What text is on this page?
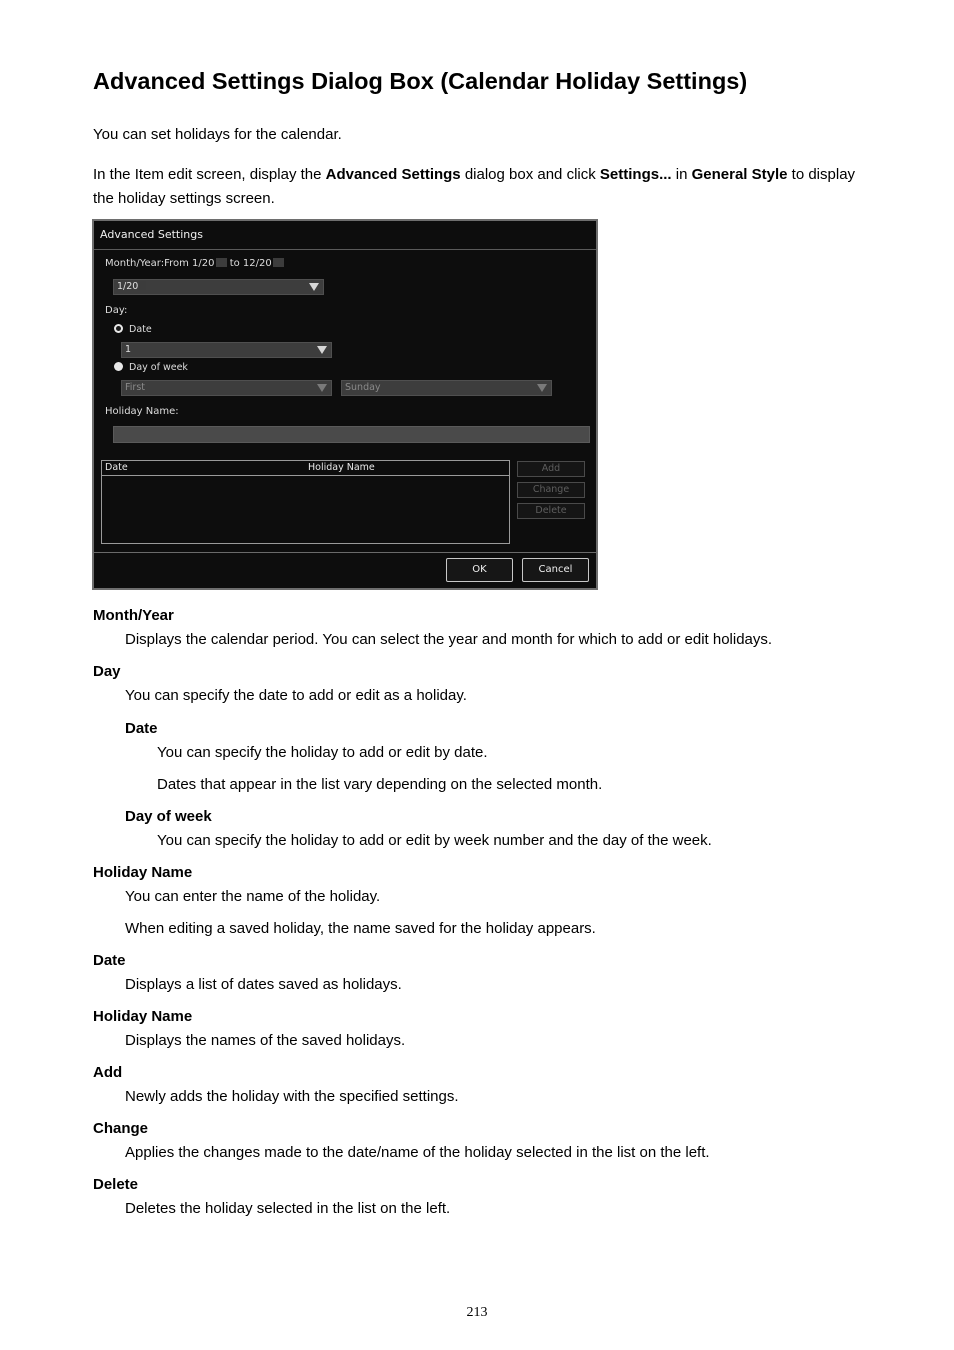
Advanced Settings Dialog Box (Calendar Holiday Settings)

You can set holidays for the calendar.

In the Item edit screen, display the Advanced Settings dialog box and click Settings... in General Style to display the holiday settings screen.

Advanced Settings
Month/Year:From 1/20 to 12/20
1/20
Day:
Date
1
Day of week
First	Sunday
Holiday Name:
Date	Holiday Name	Add
Change
Delete
OK	Cancel

Month/Year

Displays the calendar period. You can select the year and month for which to add or edit holidays.

Day

You can specify the date to add or edit as a holiday.

Date

You can specify the holiday to add or edit by date.

Dates that appear in the list vary depending on the selected month.

Day of week

You can specify the holiday to add or edit by week number and the day of the week.

Holiday Name

You can enter the name of the holiday.

When editing a saved holiday, the name saved for the holiday appears.

Date

Displays a list of dates saved as holidays.

Holiday Name

Displays the names of the saved holidays.

Add

Newly adds the holiday with the specified settings.

Change

Applies the changes made to the date/name of the holiday selected in the list on the left.

Delete

Deletes the holiday selected in the list on the left.

213
